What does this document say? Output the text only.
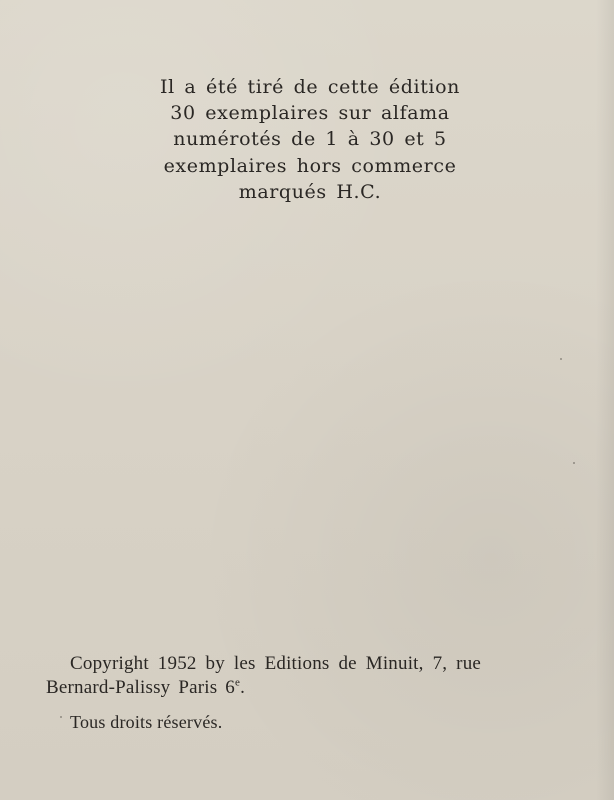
Il a été tiré de cette édition
30 exemplaires sur alfama
numérotés de 1 à 30 et 5
exemplaires hors commerce
marqués H.C.
Copyright 1952 by les Editions de Minuit, 7, rue
Bernard-Palissy Paris 6e.
Tous droits réservés.
